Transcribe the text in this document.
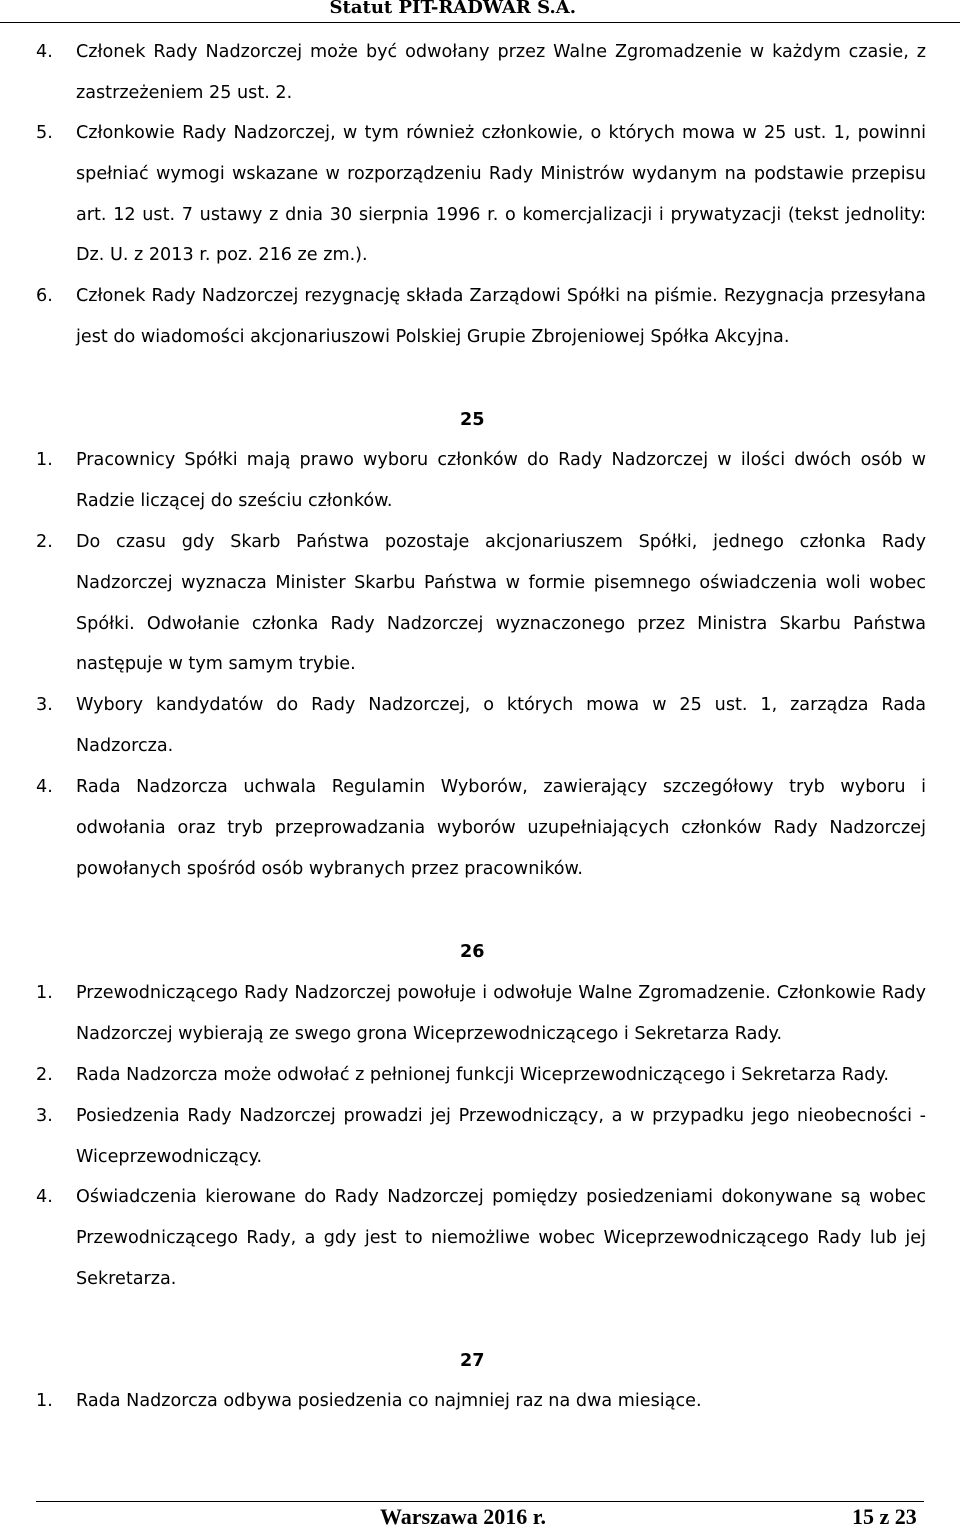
Statut PIT-RADWAR S.A.
4. Członek Rady Nadzorczej może być odwołany przez Walne Zgromadzenie w każdym czasie, z zastrzeżeniem 25 ust. 2.
5. Członkowie Rady Nadzorczej, w tym również członkowie, o których mowa w 25 ust. 1, powinni spełniać wymogi wskazane w rozporządzeniu Rady Ministrów wydanym na podstawie przepisu art. 12 ust. 7 ustawy z dnia 30 sierpnia 1996 r. o komercjalizacji i prywatyzacji (tekst jednolity: Dz. U. z 2013 r. poz. 216 ze zm.).
6. Członek Rady Nadzorczej rezygnację składa Zarządowi Spółki na piśmie. Rezygnacja przesyłana jest do wiadomości akcjonariuszowi Polskiej Grupie Zbrojeniowej Spółka Akcyjna.
25
1. Pracownicy Spółki mają prawo wyboru członków do Rady Nadzorczej w ilości dwóch osób w Radzie liczącej do sześciu członków.
2. Do czasu gdy Skarb Państwa pozostaje akcjonariuszem Spółki, jednego członka Rady Nadzorczej wyznacza Minister Skarbu Państwa w formie pisemnego oświadczenia woli wobec Spółki. Odwołanie członka Rady Nadzorczej wyznaczonego przez Ministra Skarbu Państwa następuje w tym samym trybie.
3. Wybory kandydatów do Rady Nadzorczej, o których mowa w 25 ust. 1, zarządza Rada Nadzorcza.
4. Rada Nadzorcza uchwala Regulamin Wyborów, zawierający szczegółowy tryb wyboru i odwołania oraz tryb przeprowadzania wyborów uzupełniających członków Rady Nadzorczej powołanych spośród osób wybranych przez pracowników.
26
1. Przewodniczącego Rady Nadzorczej powołuje i odwołuje Walne Zgromadzenie. Członkowie Rady Nadzorczej wybierają ze swego grona Wiceprzewodniczącego i Sekretarza Rady.
2. Rada Nadzorcza może odwołać z pełnionej funkcji Wiceprzewodniczącego i Sekretarza Rady.
3. Posiedzenia Rady Nadzorczej prowadzi jej Przewodniczący, a w przypadku jego nieobecności - Wiceprzewodniczący.
4. Oświadczenia kierowane do Rady Nadzorczej pomiędzy posiedzeniami dokonywane są wobec Przewodniczącego Rady, a gdy jest to niemożliwe wobec Wiceprzewodniczącego Rady lub jej Sekretarza.
27
1. Rada Nadzorcza odbywa posiedzenia co najmniej raz na dwa miesiące.
Warszawa 2016 r.	15 z 23
